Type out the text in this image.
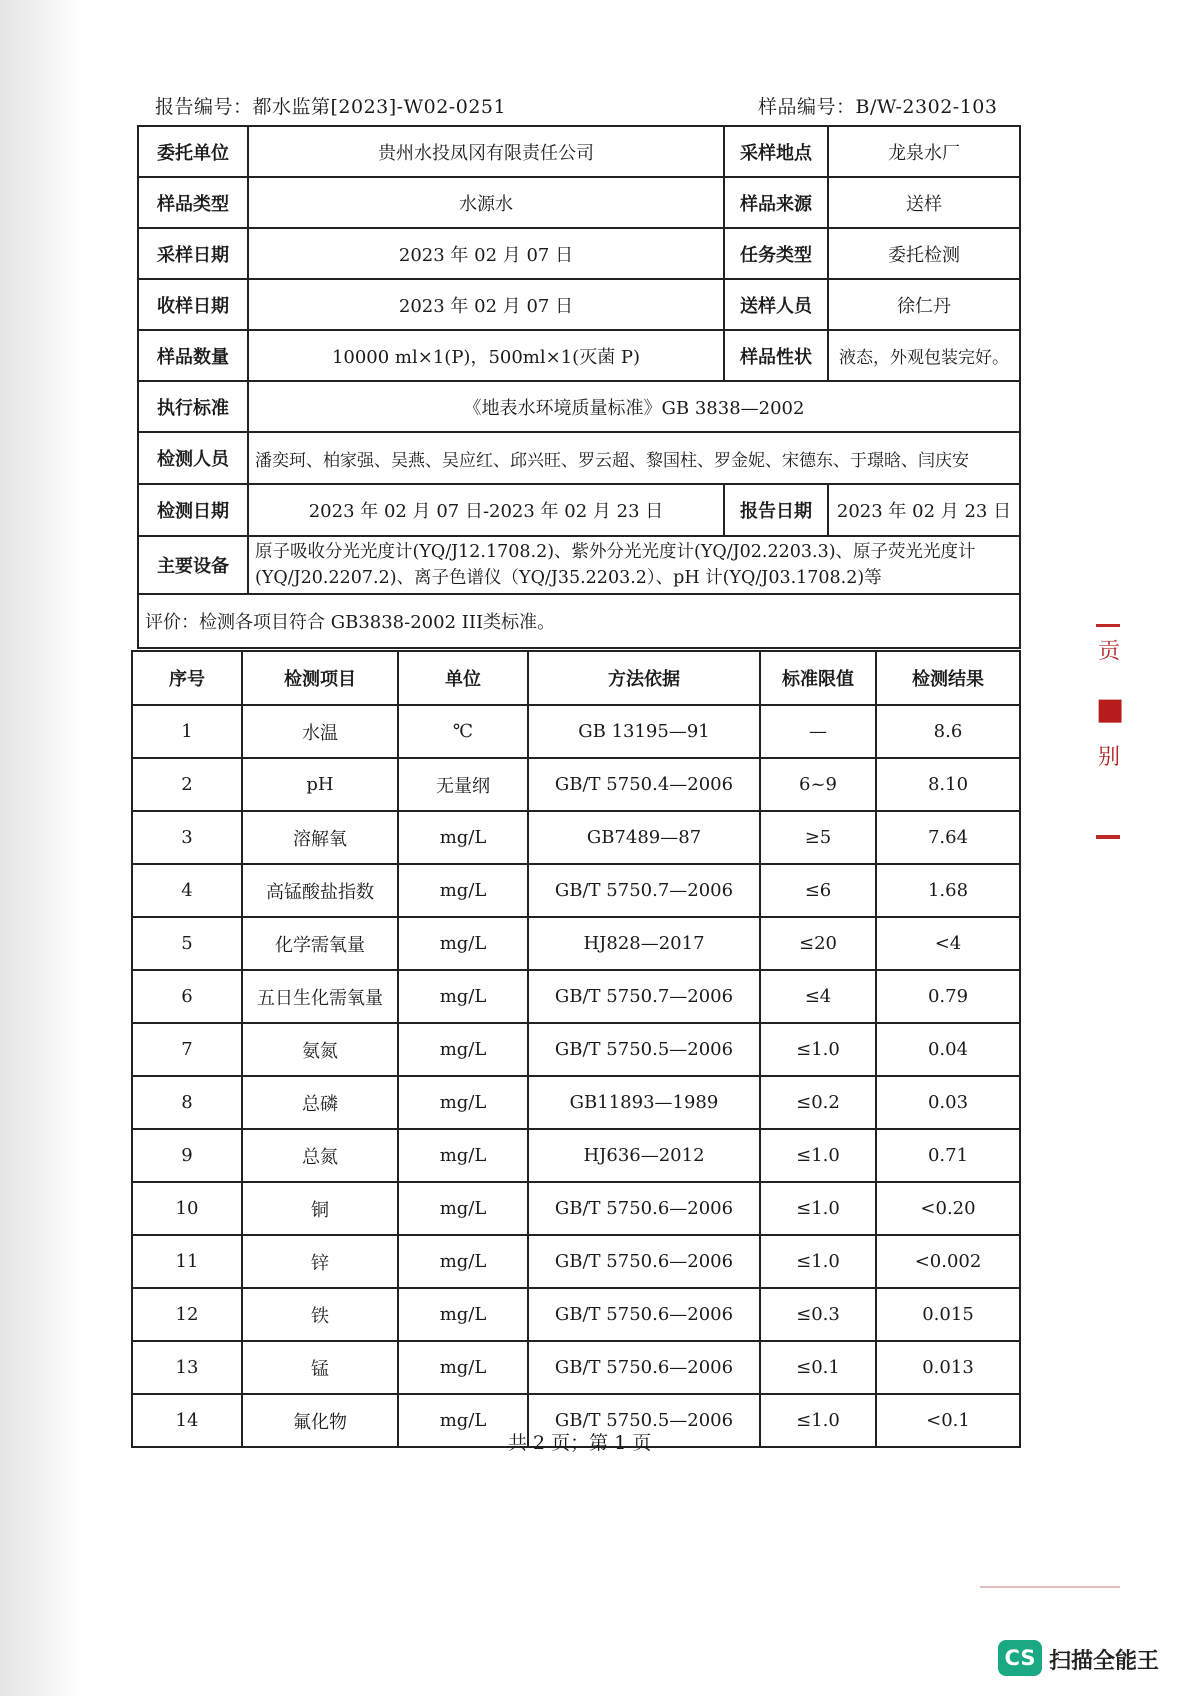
报告编号：都水监第[2023]-W02-0251	样品编号：B/W-2302-103
委托单位	贵州水投凤冈有限责任公司	采样地点	龙泉水厂
样品类型	水源水	样品来源	送样
采样日期	2023 年 02 月 07 日	任务类型	委托检测
收样日期	2023 年 02 月 07 日	送样人员	徐仁丹
样品数量	10000 ml×1(P)，500ml×1(灭菌 P)	样品性状	液态，外观包装完好。
执行标准	《地表水环境质量标准》GB 3838—2002		
检测人员	潘奕珂、柏家强、吴燕、吴应红、邱兴旺、罗云超、黎国柱、罗金妮、宋德东、于璟晗、闫庆安		
检测日期	2023 年 02 月 07 日-2023 年 02 月 23 日	报告日期	2023 年 02 月 23 日
主要设备	原子吸收分光光度计(YQ/J12.1708.2)、紫外分光光度计(YQ/J02.2203.3)、原子荧光光度计(YQ/J20.2207.2)、离子色谱仪（YQ/J35.2203.2）、pH 计(YQ/J03.1708.2)等		
评价：检测各项目符合 GB3838-2002 III类标准。			
序号	检测项目	单位	方法依据	标准限值	检测结果
1	水温	℃	GB 13195—91	—	8.6
2	pH	无量纲	GB/T 5750.4—2006	6~9	8.10
3	溶解氧	mg/L	GB7489—87	≥5	7.64
4	高锰酸盐指数	mg/L	GB/T 5750.7—2006	≤6	1.68
5	化学需氧量	mg/L	HJ828—2017	≤20	<4
6	五日生化需氧量	mg/L	GB/T 5750.7—2006	≤4	0.79
7	氨氮	mg/L	GB/T 5750.5—2006	≤1.0	0.04
8	总磷	mg/L	GB11893—1989	≤0.2	0.03
9	总氮	mg/L	HJ636—2012	≤1.0	0.71
10	铜	mg/L	GB/T 5750.6—2006	≤1.0	<0.20
11	锌	mg/L	GB/T 5750.6—2006	≤1.0	<0.002
12	铁	mg/L	GB/T 5750.6—2006	≤0.3	0.015
13	锰	mg/L	GB/T 5750.6—2006	≤0.1	0.013
14	氟化物	mg/L	GB/T 5750.5—2006	≤1.0	<0.1
共 2 页；第 1 页
贡
■
别
CS 扫描全能王
